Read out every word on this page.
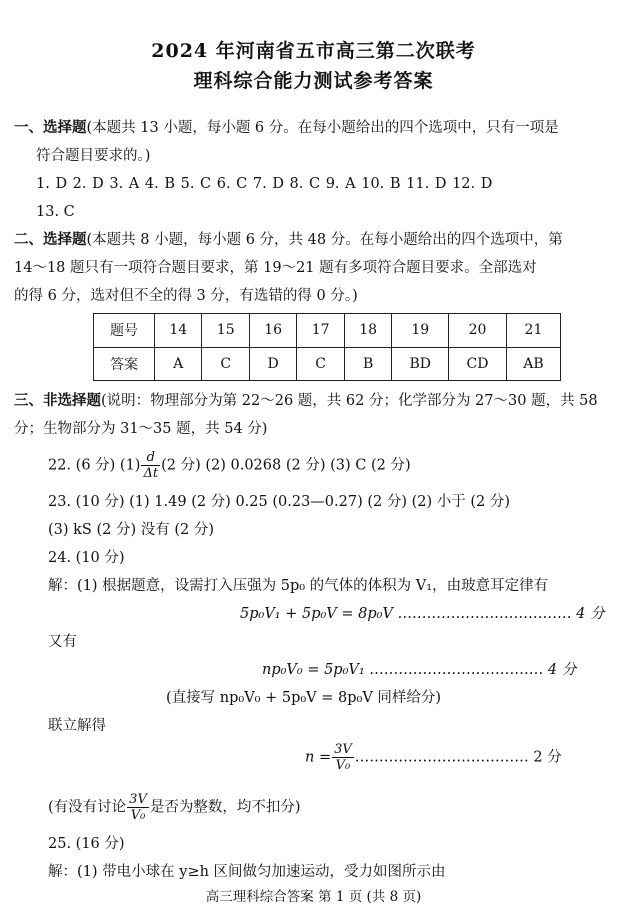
2024 年河南省五市高三第二次联考
理科综合能力测试参考答案
一、选择题(本题共 13 小题，每小题 6 分。在每小题给出的四个选项中，只有一项是
符合题目要求的。)
1. D 2. D 3. A 4. B 5. C 6. C 7. D 8. C 9. A 10. B 11. D 12. D
13. C
二、选择题(本题共 8 小题，每小题 6 分，共 48 分。在每小题给出的四个选项中，第
14～18 题只有一项符合题目要求，第 19～21 题有多项符合题目要求。全部选对
的得 6 分，选对但不全的得 3 分，有选错的得 0 分。)
题号	14	15	16	17	18	19	20	21
答案	A	C	D	C	B	BD	CD	AB
三、非选择题(说明：物理部分为第 22～26 题，共 62 分；化学部分为 27～30 题，共 58
分；生物部分为 31～35 题，共 54 分)
22. (6 分) $(1) \frac{d}{\Delta t} (2$ 分) (2) 0.0268 (2 分) (3) C (2 分)
23. (10 分) (1) 1.49 (2 分) 0.25 (0.23—0.27) (2 分) (2) 小于 (2 分)
(3) kS (2 分) 没有 (2 分)
24. (10 分)
解：(1) 根据题意，设需打入压强为 5p₀ 的气体的体积为 V₁，由玻意耳定律有
5p₀V₁ + 5p₀V = 8p₀V ……………………………… 4 分
又有
np₀V₀ = 5p₀V₁ ……………………………… 4 分
(直接写 np₀V₀ + 5p₀V = 8p₀V 同样给分)
联立解得
$n = \frac{3V}{\text{V₀}}$ ……………………………… 2 分
(有没有讨论 $\frac{3V}{\text{V₀}}$ 是否为整数，均不扣分)
25. (16 分)
解：(1) 带电小球在 y≥h 区间做匀加速运动，受力如图所示由
高三理科综合答案 第 1 页 (共 8 页)
